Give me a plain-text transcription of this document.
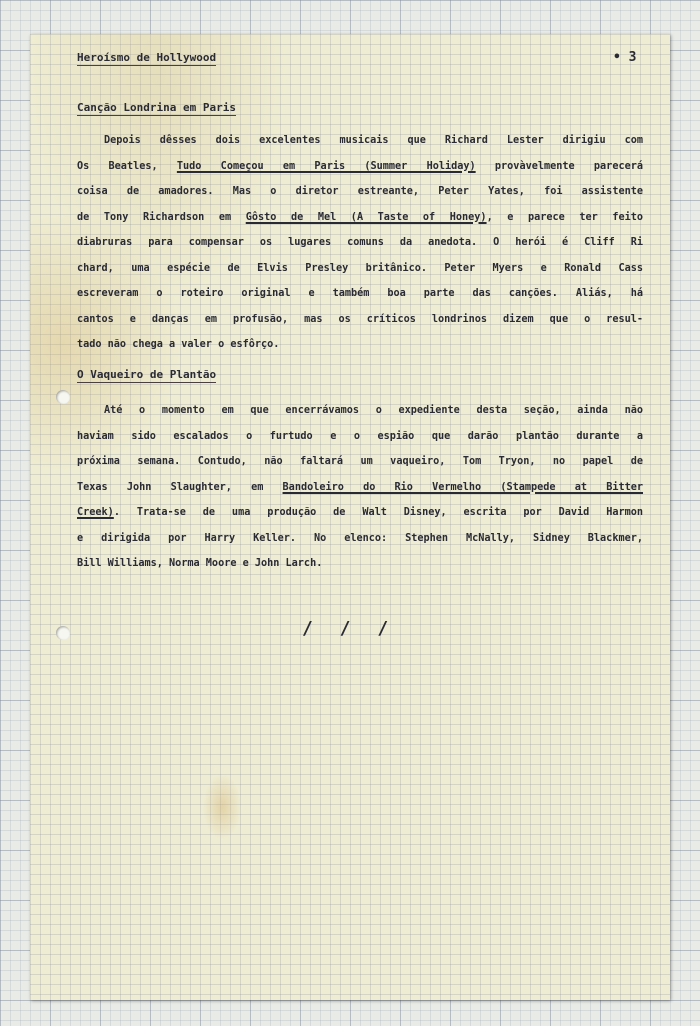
Heroísmo de Hollywood	• 3
Canção Londrina em Paris
Depois dêsses dois excelentes musicais que Richard Lester dirigiu com
Os Beatles, Tudo Começou em Paris (Summer Holiday) provàvelmente parecerá
coisa de amadores. Mas o diretor estreante, Peter Yates, foi assistente
de Tony Richardson em Gôsto de Mel (A Taste of Honey), e parece ter feito
diabruras para compensar os lugares comuns da anedota. O herói é Cliff Ri
chard, uma espécie de Elvis Presley britânico. Peter Myers e Ronald Cass
escreveram o roteiro original e também boa parte das canções. Aliás, há
cantos e danças em profusão, mas os críticos londrinos dizem que o resul-
tado não chega a valer o esfôrço.
O Vaqueiro de Plantão
Até o momento em que encerrávamos o expediente desta seção, ainda não
haviam sido escalados o furtudo e o espião que darão plantão durante a
próxima semana. Contudo, não faltará um vaqueiro, Tom Tryon, no papel de
Texas John Slaughter, em Bandoleiro do Rio Vermelho (Stampede at Bitter
Creek). Trata-se de uma produção de Walt Disney, escrita por David Harmon
e dirigida por Harry Keller. No elenco: Stephen McNally, Sidney Blackmer,
Bill Williams, Norma Moore e John Larch.
/ / /
